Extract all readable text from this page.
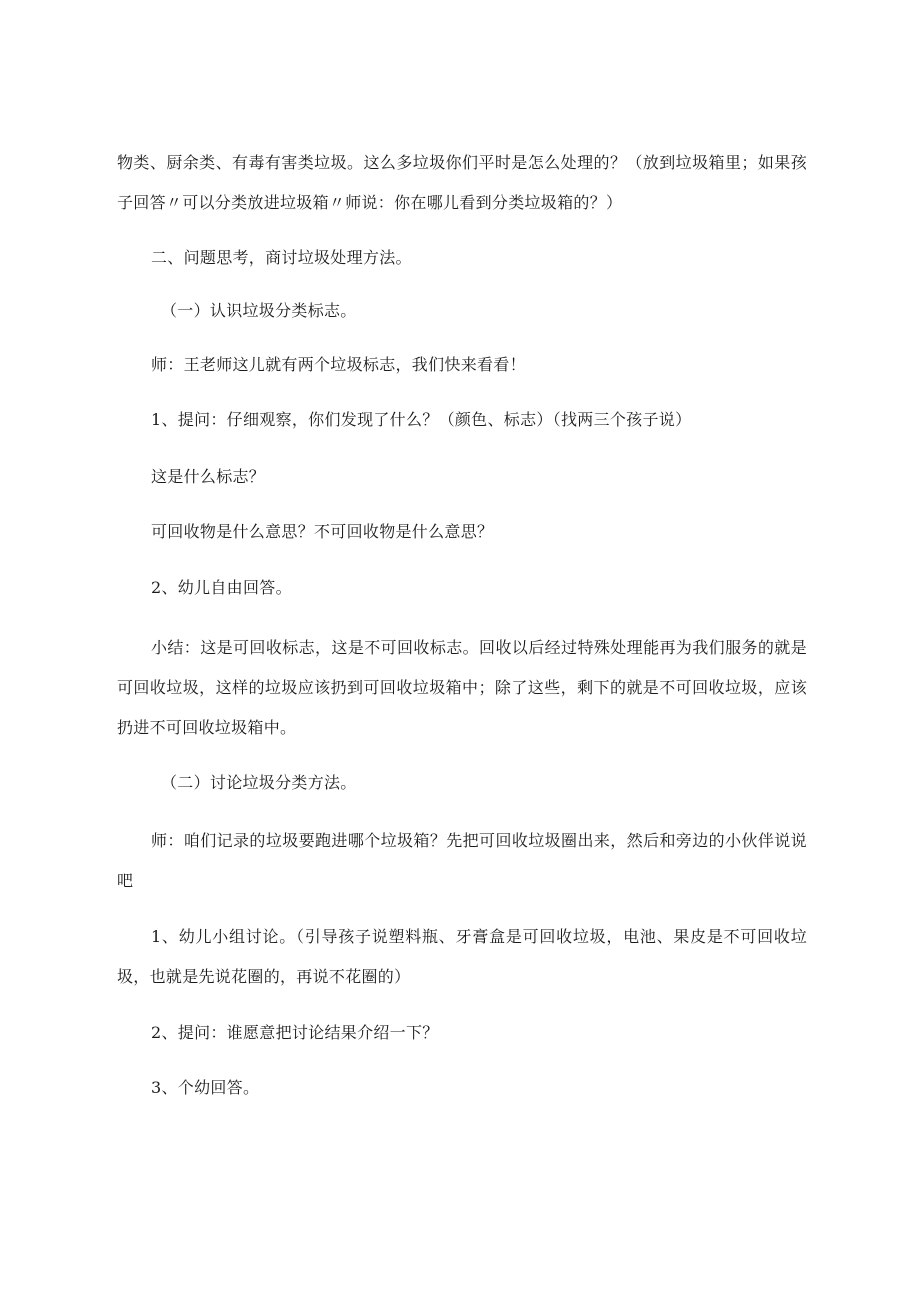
物类、厨余类、有毒有害类垃圾。这么多垃圾你们平时是怎么处理的？（放到垃圾箱里；如果孩子回答〃可以分类放进垃圾箱〃师说：你在哪儿看到分类垃圾箱的？）
二、问题思考，商讨垃圾处理方法。
（一）认识垃圾分类标志。
师：王老师这儿就有两个垃圾标志，我们快来看看！
1、提问：仔细观察，你们发现了什么？（颜色、标志）（找两三个孩子说）
这是什么标志？
可回收物是什么意思？不可回收物是什么意思？
2、幼儿自由回答。
小结：这是可回收标志，这是不可回收标志。回收以后经过特殊处理能再为我们服务的就是可回收垃圾，这样的垃圾应该扔到可回收垃圾箱中；除了这些，剩下的就是不可回收垃圾，应该扔进不可回收垃圾箱中。
（二）讨论垃圾分类方法。
师：咱们记录的垃圾要跑进哪个垃圾箱？先把可回收垃圾圈出来，然后和旁边的小伙伴说说吧
1、幼儿小组讨论。（引导孩子说塑料瓶、牙膏盒是可回收垃圾，电池、果皮是不可回收垃圾，也就是先说花圈的，再说不花圈的）
2、提问：谁愿意把讨论结果介绍一下？
3、个幼回答。
